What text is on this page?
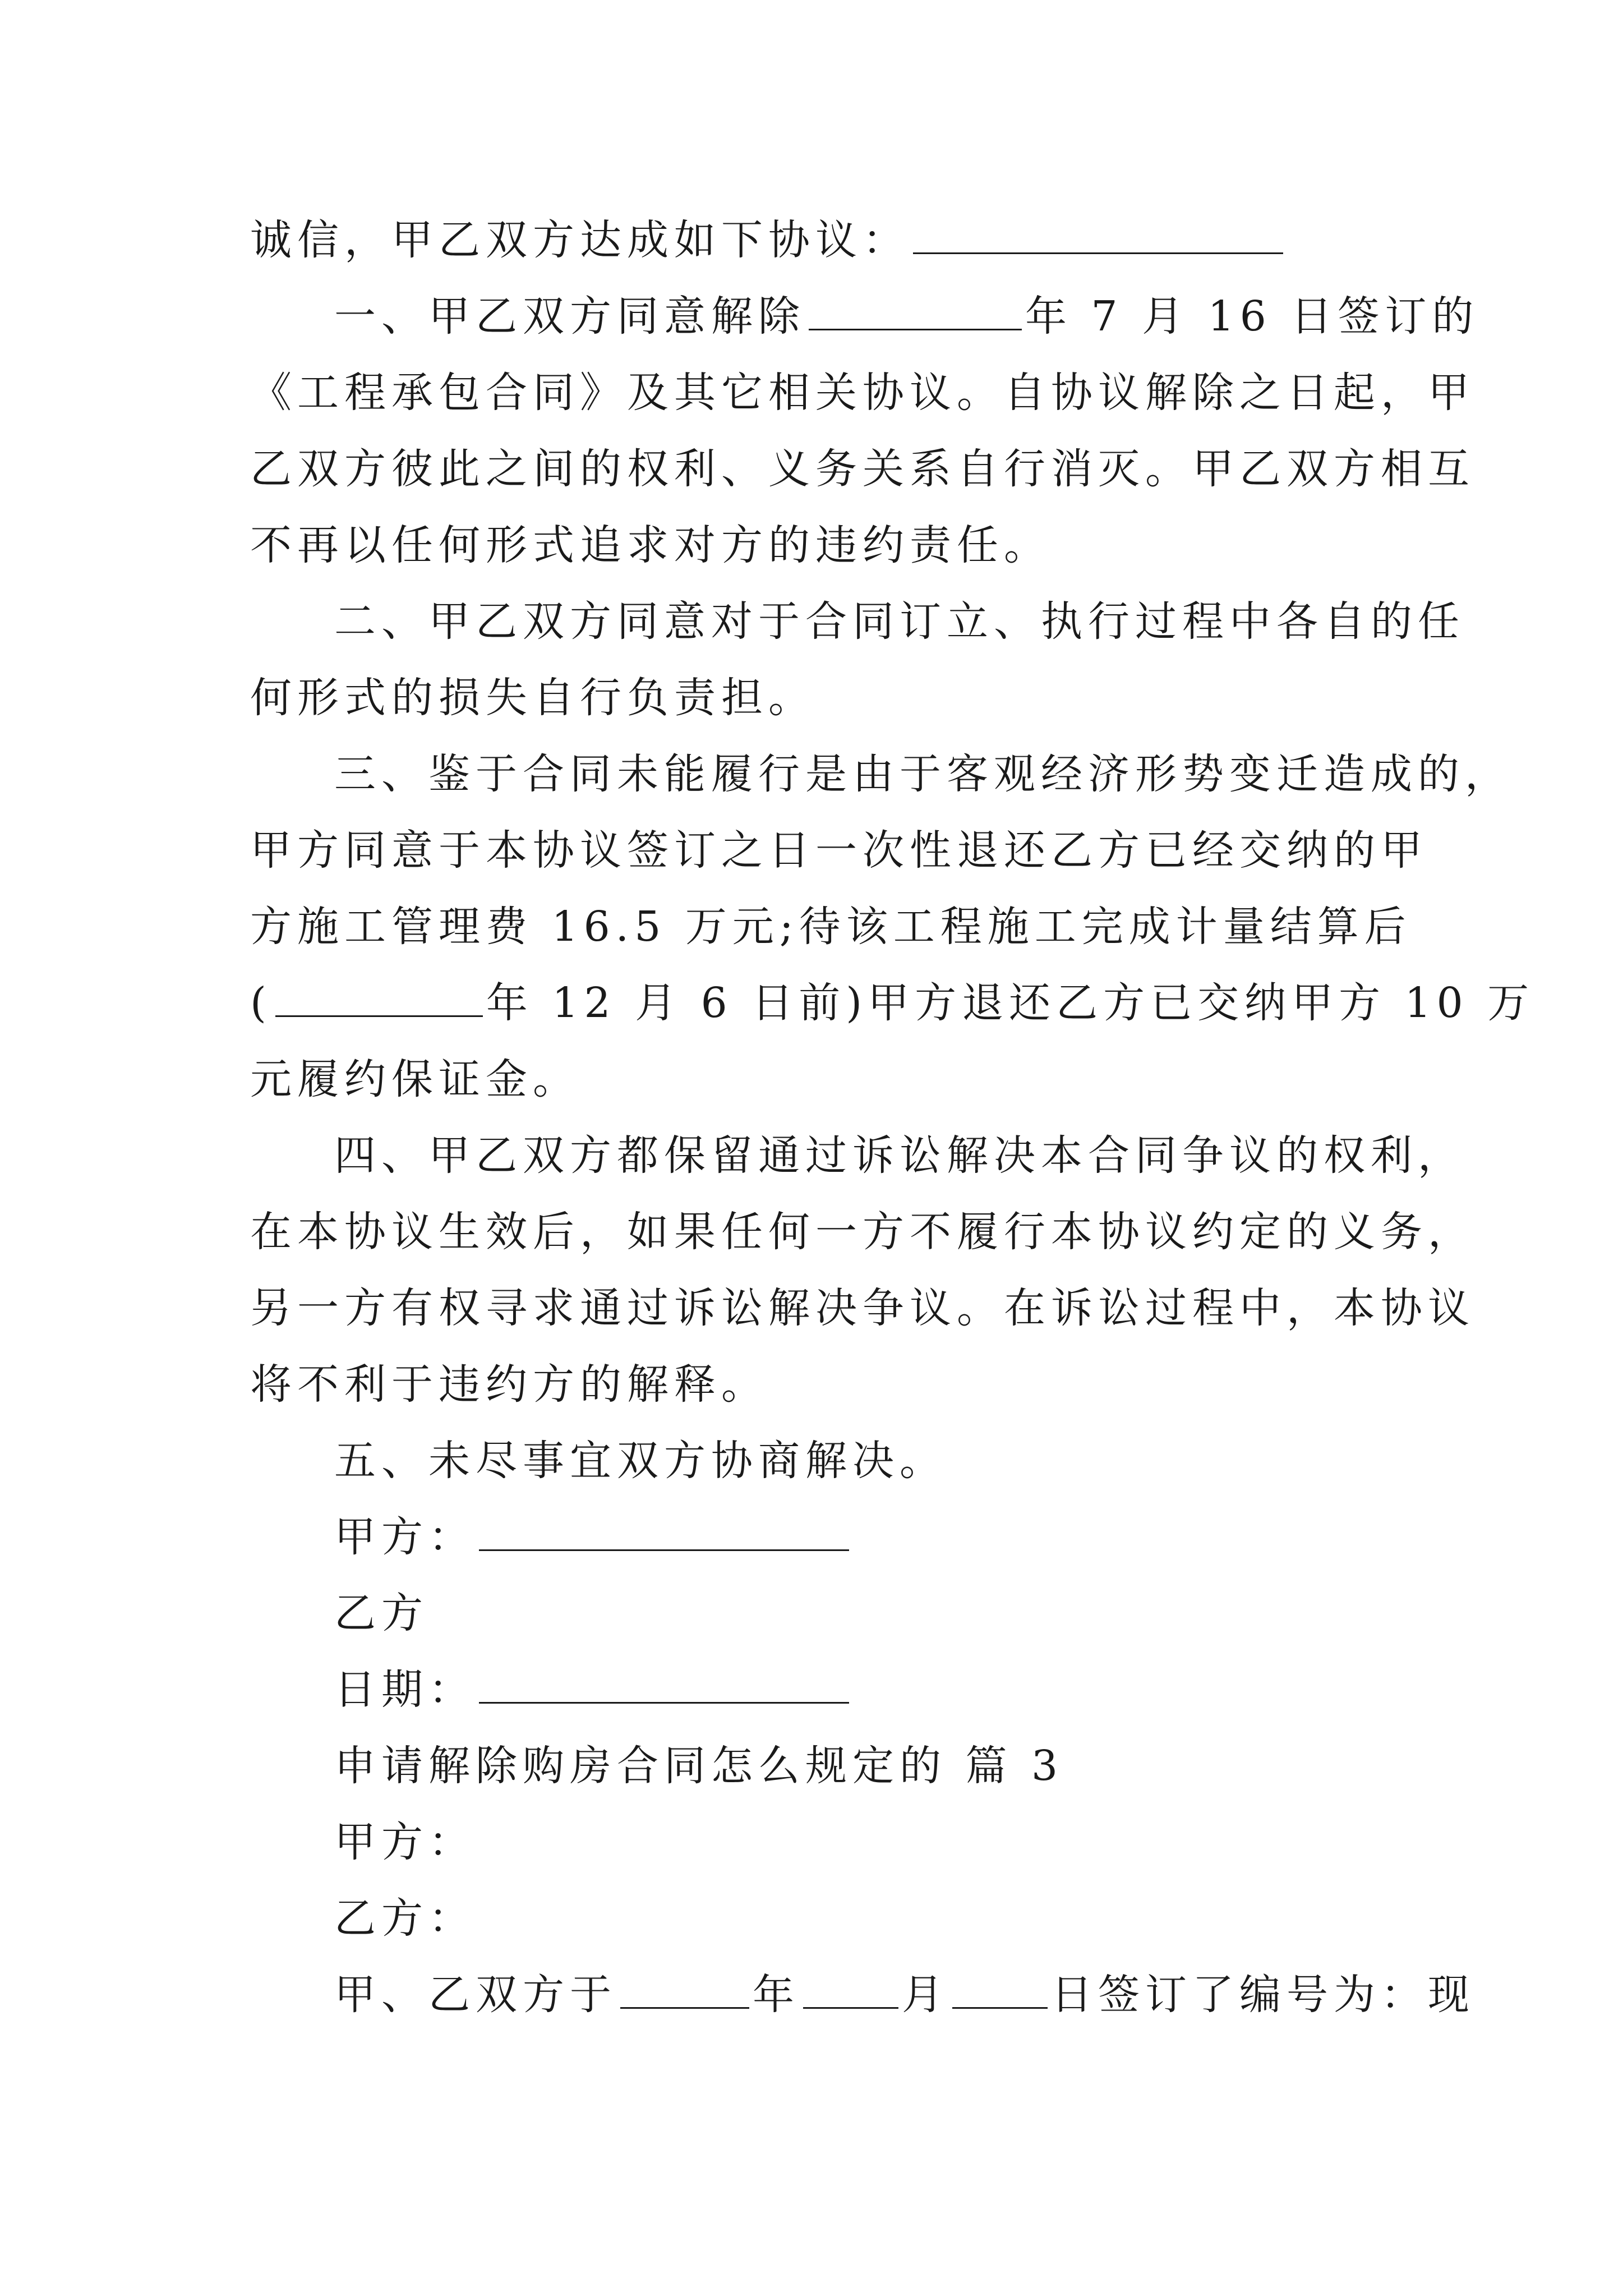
诚信，甲乙双方达成如下协议：
一、甲乙双方同意解除	年 7 月 16 日签订的
《工程承包合同》及其它相关协议。自协议解除之日起，甲
乙双方彼此之间的权利、义务关系自行消灭。甲乙双方相互
不再以任何形式追求对方的违约责任。
二、甲乙双方同意对于合同订立、执行过程中各自的任
何形式的损失自行负责担。
三、鉴于合同未能履行是由于客观经济形势变迁造成的，
甲方同意于本协议签订之日一次性退还乙方已经交纳的甲
方施工管理费 16.5 万元;待该工程施工完成计量结算后
(	年 12 月 6 日前)甲方退还乙方已交纳甲方 10 万
元履约保证金。
四、甲乙双方都保留通过诉讼解决本合同争议的权利，
在本协议生效后，如果任何一方不履行本协议约定的义务，
另一方有权寻求通过诉讼解决争议。在诉讼过程中，本协议
将不利于违约方的解释。
五、未尽事宜双方协商解决。
甲方：
乙方
日期：
申请解除购房合同怎么规定的 篇 3
甲方：
乙方：
甲、乙双方于	年 月 日签订了编号为：现
